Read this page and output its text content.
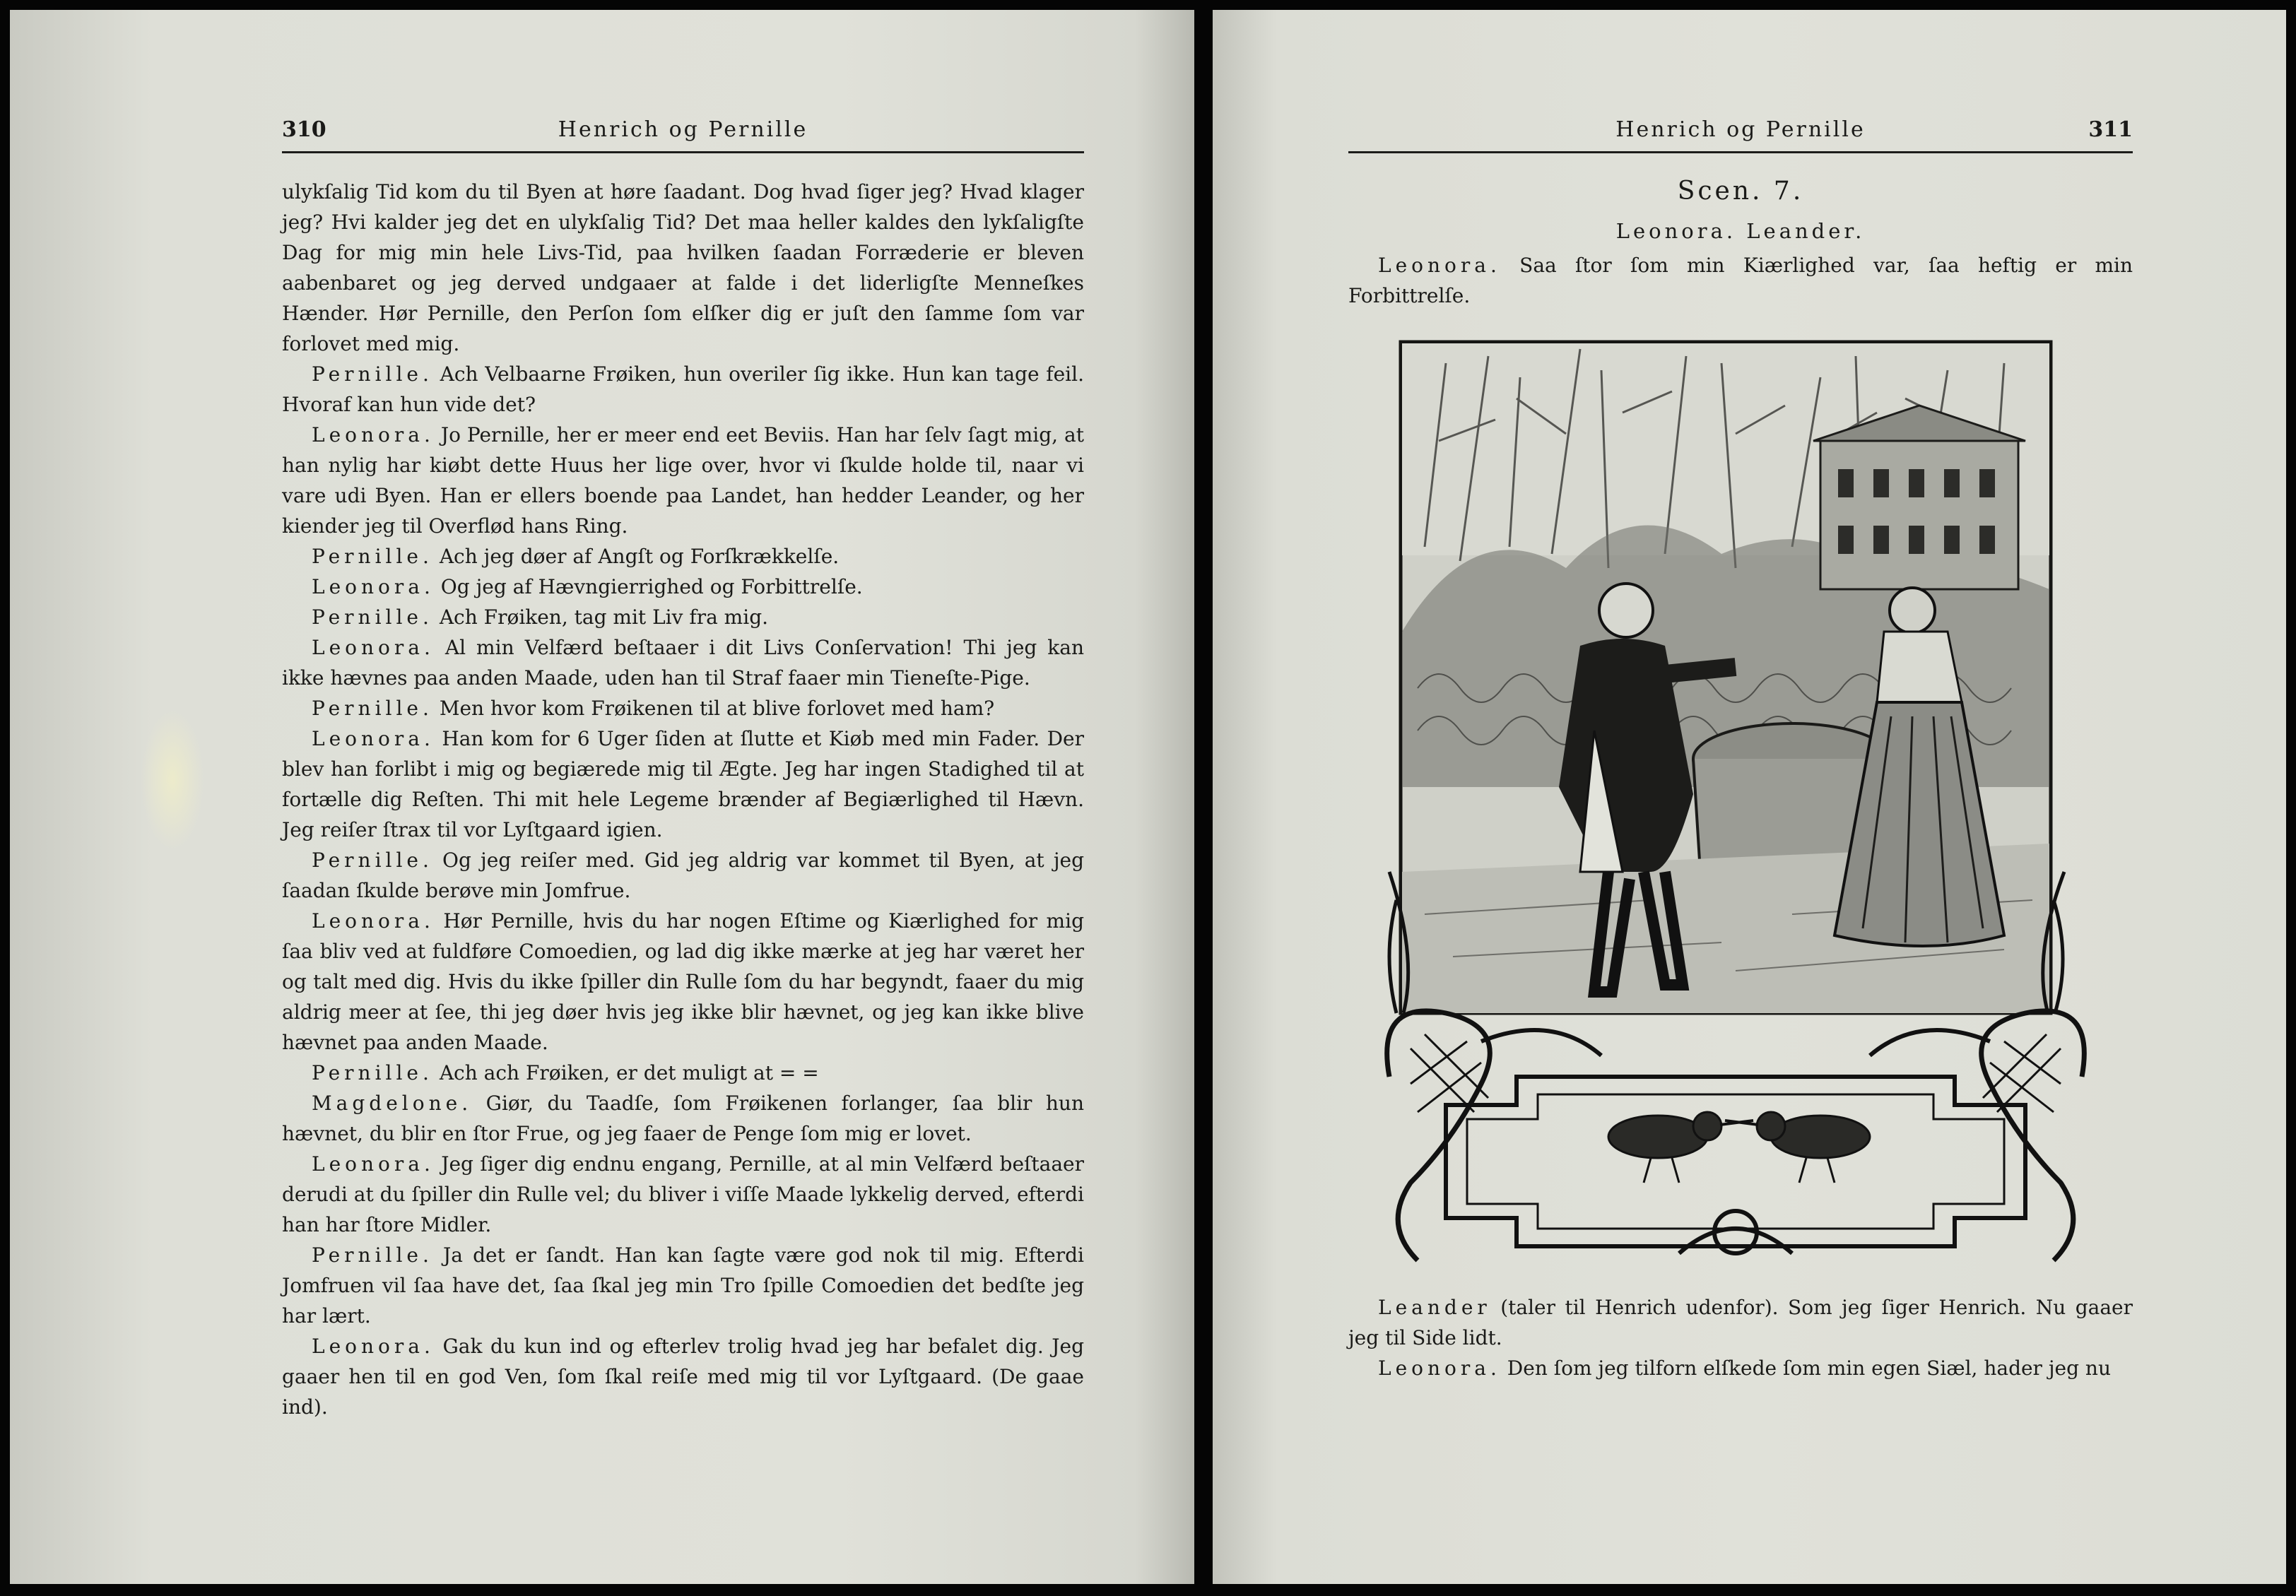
310	Henrich og Pernille

ulykſalig Tid kom du til Byen at høre ſaadant. Dog hvad ſiger jeg? Hvad klager jeg? Hvi kalder jeg det en ulykſalig Tid? Det maa heller kaldes den lykſaligſte Dag for mig min hele Livs-Tid, paa hvilken ſaadan Forræderie er bleven aabenbaret og jeg derved undgaaer at falde i det liderligſte Menneſkes Hænder. Hør Pernille, den Perſon ſom elſker dig er juſt den ſamme ſom var forlovet med mig.

Pernille. Ach Velbaarne Frøiken, hun overiler ſig ikke. Hun kan tage feil. Hvoraf kan hun vide det?

Leonora. Jo Pernille, her er meer end eet Beviis. Han har ſelv ſagt mig, at han nylig har kiøbt dette Huus her lige over, hvor vi ſkulde holde til, naar vi vare udi Byen. Han er ellers boende paa Landet, han hedder Leander, og her kiender jeg til Overflød hans Ring.

Pernille. Ach jeg døer af Angſt og Forſkrækkelſe.

Leonora. Og jeg af Hævngierrighed og Forbittrelſe.

Pernille. Ach Frøiken, tag mit Liv fra mig.

Leonora. Al min Velfærd beſtaaer i dit Livs Conſervation! Thi jeg kan ikke hævnes paa anden Maade, uden han til Straf faaer min Tieneſte-Pige.

Pernille. Men hvor kom Frøikenen til at blive forlovet med ham?

Leonora. Han kom for 6 Uger ſiden at ſlutte et Kiøb med min Fader. Der blev han forlibt i mig og begiærede mig til Ægte. Jeg har ingen Stadighed til at fortælle dig Reſten. Thi mit hele Legeme brænder af Begiærlighed til Hævn. Jeg reiſer ſtrax til vor Lyſtgaard igien.

Pernille. Og jeg reiſer med. Gid jeg aldrig var kommet til Byen, at jeg ſaadan ſkulde berøve min Jomfrue.

Leonora. Hør Pernille, hvis du har nogen Eſtime og Kiærlighed for mig ſaa bliv ved at fuldføre Comoedien, og lad dig ikke mærke at jeg har været her og talt med dig. Hvis du ikke ſpiller din Rulle ſom du har begyndt, faaer du mig aldrig meer at ſee, thi jeg døer hvis jeg ikke blir hævnet, og jeg kan ikke blive hævnet paa anden Maade.

Pernille. Ach ach Frøiken, er det muligt at = =

Magdelone. Giør, du Taadſe, ſom Frøikenen forlanger, ſaa blir hun hævnet, du blir en ſtor Frue, og jeg faaer de Penge ſom mig er lovet.

Leonora. Jeg ſiger dig endnu engang, Pernille, at al min Velfærd beſtaaer derudi at du ſpiller din Rulle vel; du bliver i viſſe Maade lykkelig derved, efterdi han har ſtore Midler.

Pernille. Ja det er ſandt. Han kan ſagte være god nok til mig. Efterdi Jomfruen vil ſaa have det, ſaa ſkal jeg min Tro ſpille Comoedien det bedſte jeg har lært.

Leonora. Gak du kun ind og efterlev trolig hvad jeg har befalet dig. Jeg gaaer hen til en god Ven, ſom ſkal reiſe med mig til vor Lyſtgaard. (De gaae ind).

Henrich og Pernille	311
Scen. 7.
Leonora. Leander.

Leonora. Saa ſtor ſom min Kiærlighed var, ſaa heftig er min Forbittrelſe.

Leander (taler til Henrich udenfor). Som jeg ſiger Henrich. Nu gaaer jeg til Side lidt.

Leonora. Den ſom jeg tilforn elſkede ſom min egen Siæl, hader jeg nu
